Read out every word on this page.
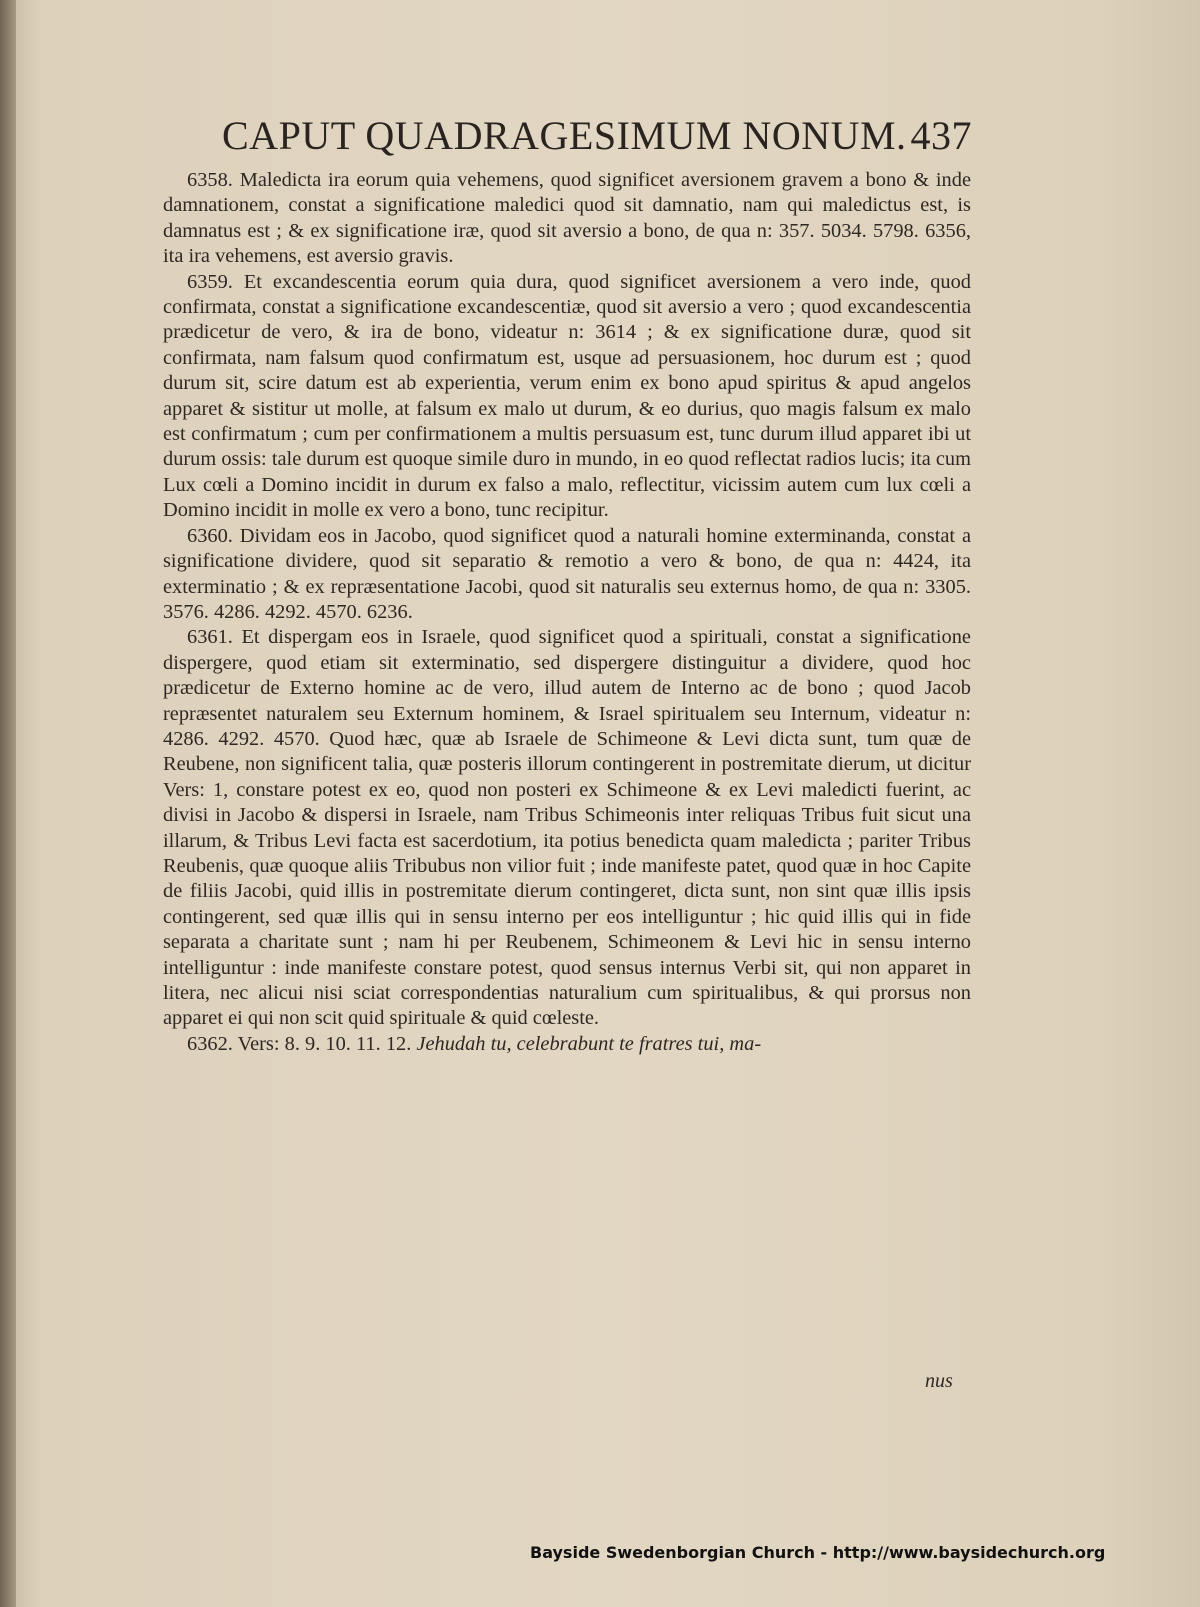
CAPUT QUADRAGESIMUM NONUM. 437

6358. Maledicta ira eorum quia vehemens, quod significet aversionem gravem a bono & inde damnationem, constat a significatione maledici quod sit damnatio, nam qui maledictus est, is damnatus est ; & ex significatione iræ, quod sit aversio a bono, de qua n: 357. 5034. 5798. 6356, ita ira vehemens, est aversio gravis.

6359. Et excandescentia eorum quia dura, quod significet aversionem a vero inde, quod confirmata, constat a significatione excandescentiæ, quod sit aversio a vero ; quod excandescentia prædicetur de vero, & ira de bono, videatur n: 3614 ; & ex significatione duræ, quod sit confirmata, nam falsum quod confirmatum est, usque ad persuasionem, hoc durum est ; quod durum sit, scire datum est ab experientia, verum enim ex bono apud spiritus & apud angelos apparet & sistitur ut molle, at falsum ex malo ut durum, & eo durius, quo magis falsum ex malo est confirmatum ; cum per confirmationem a multis persuasum est, tunc durum illud apparet ibi ut durum ossis: tale durum est quoque simile duro in mundo, in eo quod reflectat radios lucis; ita cum Lux cœli a Domino incidit in durum ex falso a malo, reflectitur, vicissim autem cum lux cœli a Domino incidit in molle ex vero a bono, tunc recipitur.

6360. Dividam eos in Jacobo, quod significet quod a naturali homine exterminanda, constat a significatione dividere, quod sit separatio & remotio a vero & bono, de qua n: 4424, ita exterminatio ; & ex repræsentatione Jacobi, quod sit naturalis seu externus homo, de qua n: 3305. 3576. 4286. 4292. 4570. 6236.

6361. Et dispergam eos in Israele, quod significet quod a spirituali, constat a significatione dispergere, quod etiam sit exterminatio, sed dispergere distinguitur a dividere, quod hoc prædicetur de Externo homine ac de vero, illud autem de Interno ac de bono ; quod Jacob repræsentet naturalem seu Externum hominem, & Israel spiritualem seu Internum, videatur n: 4286. 4292. 4570. Quod hæc, quæ ab Israele de Schimeone & Levi dicta sunt, tum quæ de Reubene, non significent talia, quæ posteris illorum contingerent in postremitate dierum, ut dicitur Vers: 1, constare potest ex eo, quod non posteri ex Schimeone & ex Levi maledicti fuerint, ac divisi in Jacobo & dispersi in Israele, nam Tribus Schimeonis inter reliquas Tribus fuit sicut una illarum, & Tribus Levi facta est sacerdotium, ita potius benedicta quam maledicta ; pariter Tribus Reubenis, quæ quoque aliis Tribubus non vilior fuit ; inde manifeste patet, quod quæ in hoc Capite de filiis Jacobi, quid illis in postremitate dierum contingeret, dicta sunt, non sint quæ illis ipsis contingerent, sed quæ illis qui in sensu interno per eos intelliguntur ; hic quid illis qui in fide separata a charitate sunt ; nam hi per Reubenem, Schimeonem & Levi hic in sensu interno intelliguntur : inde manifeste constare potest, quod sensus internus Verbi sit, qui non apparet in litera, nec alicui nisi sciat correspondentias naturalium cum spiritualibus, & qui prorsus non apparet ei qui non scit quid spirituale & quid cœleste.

6362. Vers: 8. 9. 10. 11. 12. Jehudah tu, celebrabunt te fratres tui, ma-

nus
Bayside Swedenborgian Church - http://www.baysidechurch.org
